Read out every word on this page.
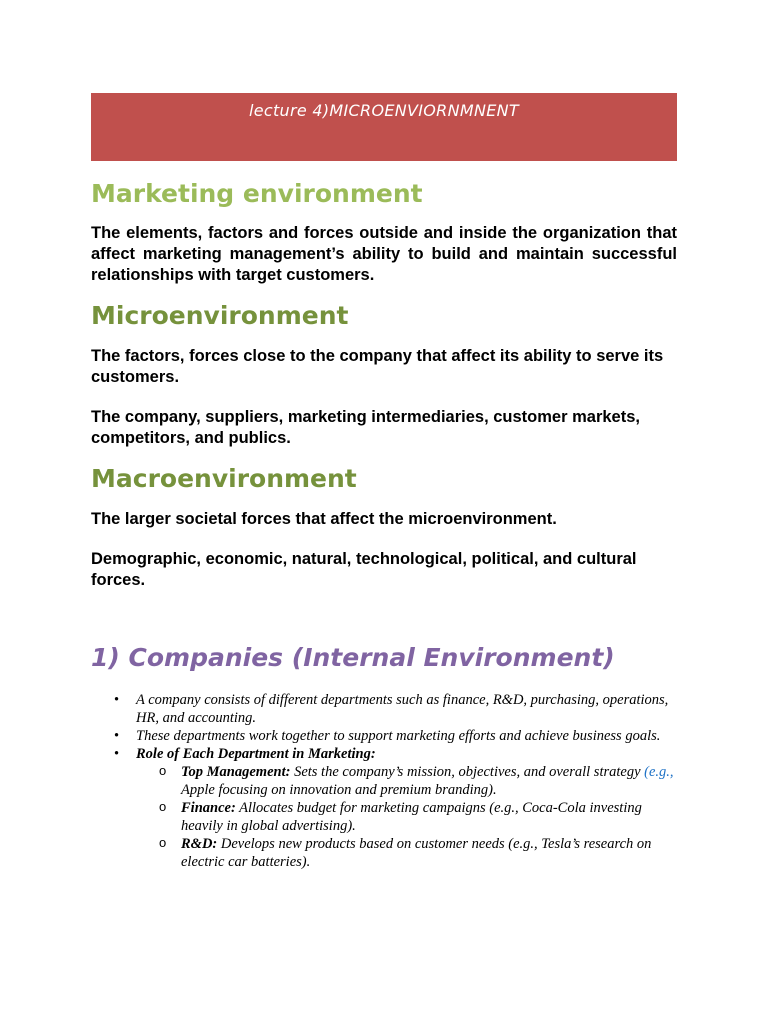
lecture 4)MICROENVIORNMNENT
Marketing environment

The elements, factors and forces outside and inside the organization that affect marketing management’s ability to build and maintain successful relationships with target customers.

Microenvironment

The factors, forces close to the company that affect its ability to serve its customers.

The company, suppliers, marketing intermediaries, customer markets, competitors, and publics.

Macroenvironment

The larger societal forces that affect the microenvironment.

Demographic, economic, natural, technological, political, and cultural forces.

1) Companies (Internal Environment)
• A company consists of different departments such as finance, R&D, purchasing, operations, HR, and accounting.
• These departments work together to support marketing efforts and achieve business goals.
• Role of Each Department in Marketing:
o Top Management: Sets the company’s mission, objectives, and overall strategy (e.g., Apple focusing on innovation and premium branding).
o Finance: Allocates budget for marketing campaigns (e.g., Coca-Cola investing heavily in global advertising).
o R&D: Develops new products based on customer needs (e.g., Tesla’s research on electric car batteries).
